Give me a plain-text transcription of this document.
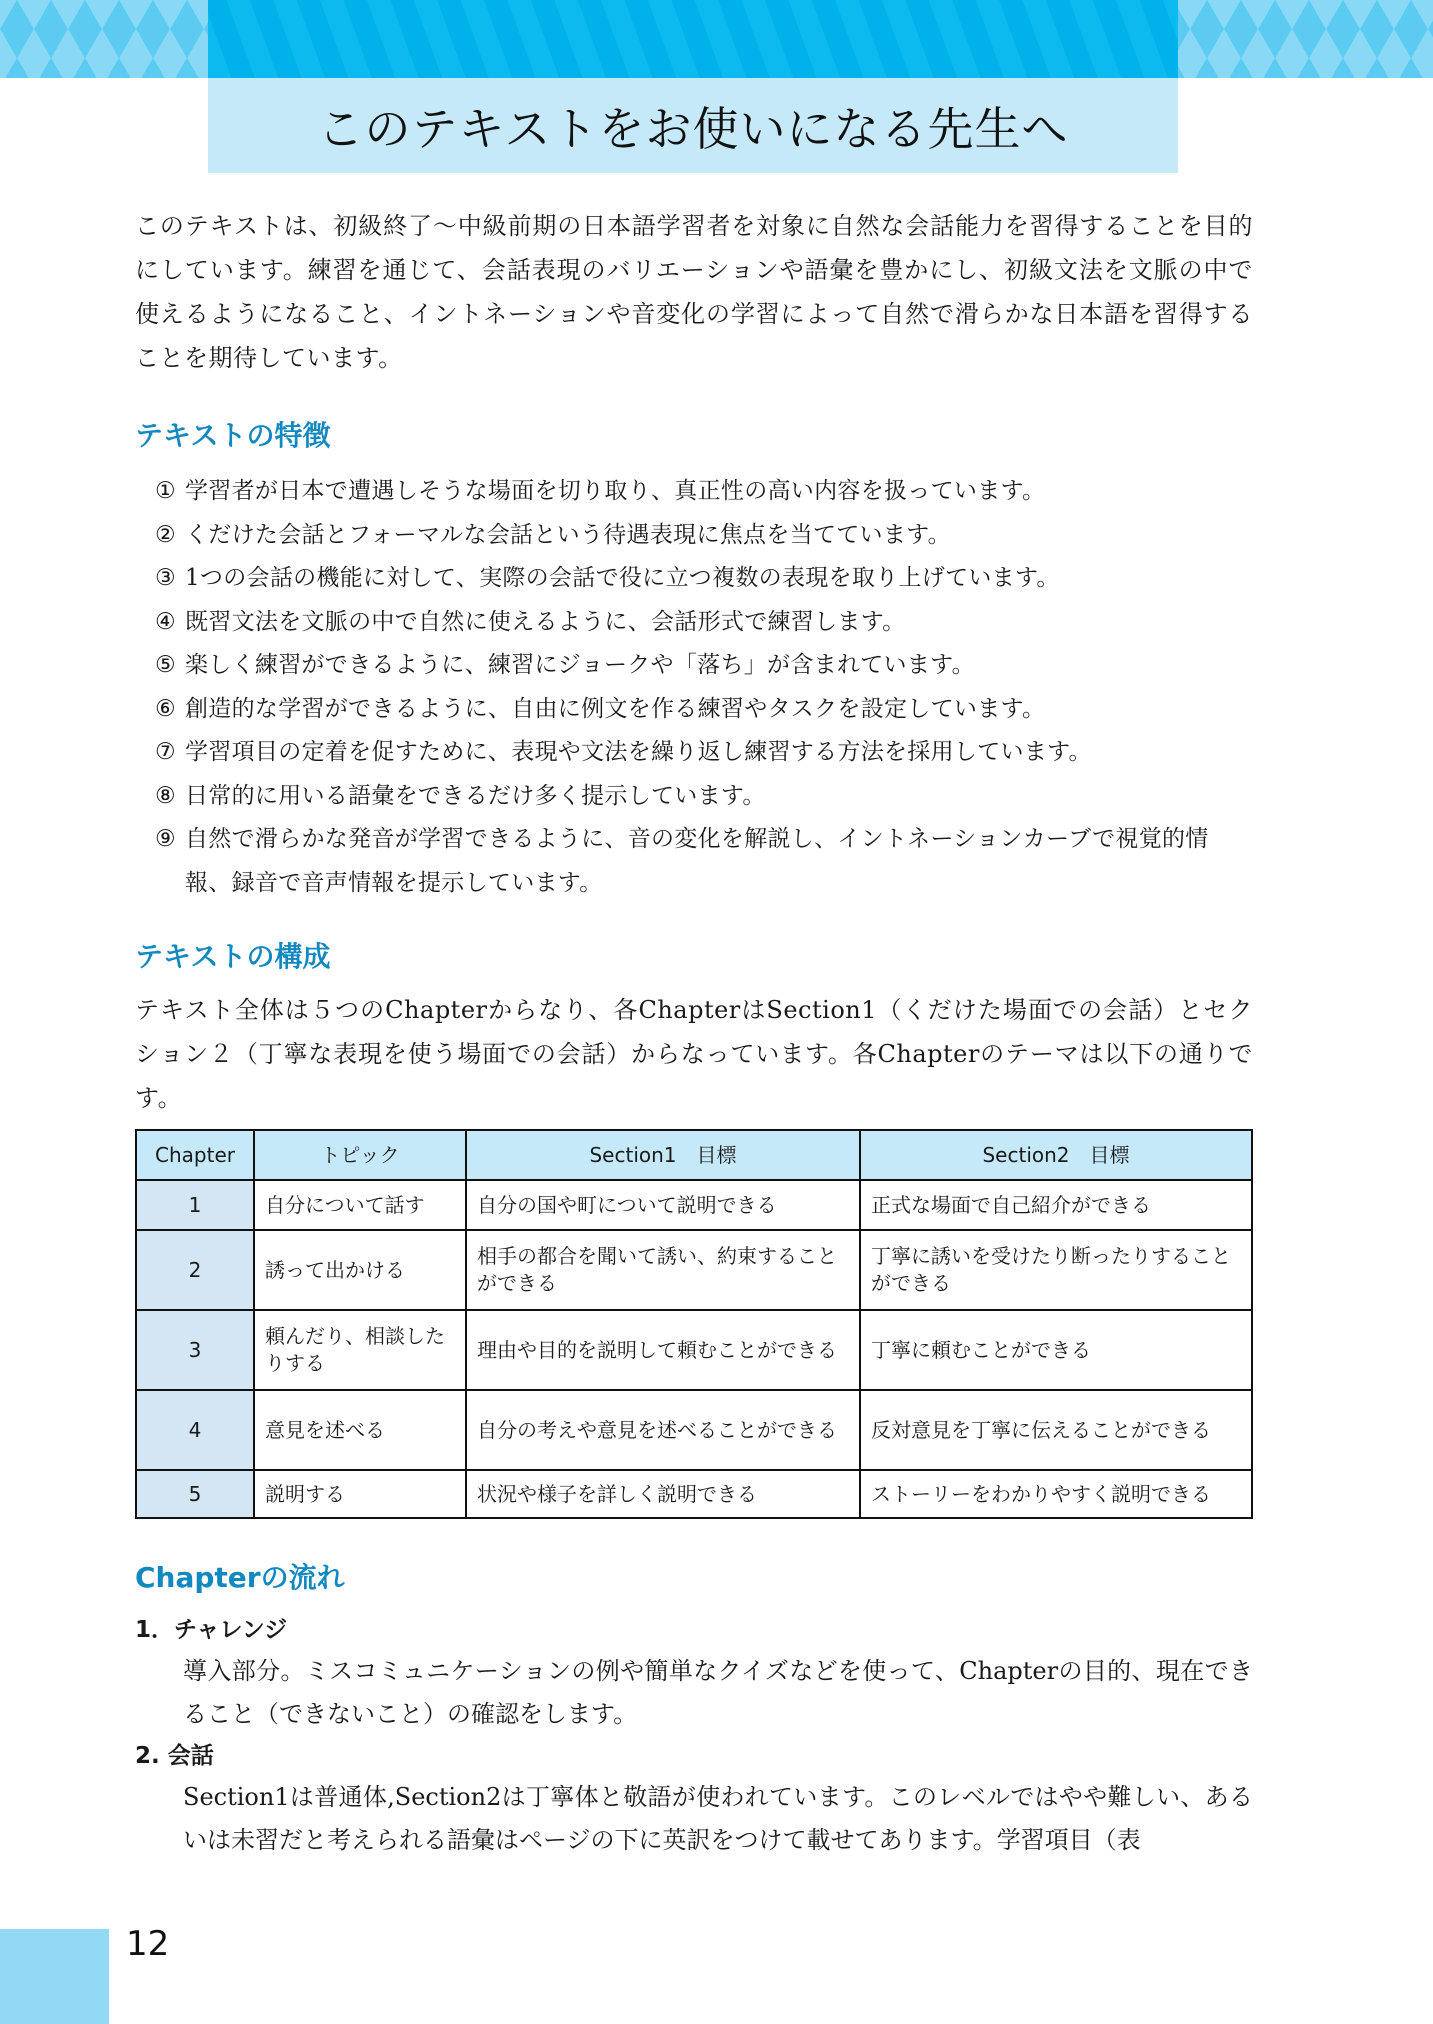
このテキストをお使いになる先生へ

このテキストは、初級終了〜中級前期の日本語学習者を対象に自然な会話能力を習得することを目的にしています。練習を通じて、会話表現のバリエーションや語彙を豊かにし、初級文法を文脈の中で使えるようになること、イントネーションや音変化の学習によって自然で滑らかな日本語を習得することを期待しています。

テキストの特徴
① 学習者が日本で遭遇しそうな場面を切り取り、真正性の高い内容を扱っています。
② くだけた会話とフォーマルな会話という待遇表現に焦点を当てています。
③ 1つの会話の機能に対して、実際の会話で役に立つ複数の表現を取り上げています。
④ 既習文法を文脈の中で自然に使えるように、会話形式で練習します。
⑤ 楽しく練習ができるように、練習にジョークや「落ち」が含まれています。
⑥ 創造的な学習ができるように、自由に例文を作る練習やタスクを設定しています。
⑦ 学習項目の定着を促すために、表現や文法を繰り返し練習する方法を採用しています。
⑧ 日常的に用いる語彙をできるだけ多く提示しています。
⑨ 自然で滑らかな発音が学習できるように、音の変化を解説し、イントネーションカーブで視覚的情報、録音で音声情報を提示しています。
テキストの構成

テキスト全体は５つのChapterからなり、各ChapterはSection1（くだけた場面での会話）とセクション２（丁寧な表現を使う場面での会話）からなっています。各Chapterのテーマは以下の通りです。

Chapter	トピック	Section1　目標	Section2　目標
1	自分について話す	自分の国や町について説明できる	正式な場面で自己紹介ができる
2	誘って出かける	相手の都合を聞いて誘い、約束することができる	丁寧に誘いを受けたり断ったりすることができる
3	頼んだり、相談したりする	理由や目的を説明して頼むことができる	丁寧に頼むことができる
4	意見を述べる	自分の考えや意見を述べることができる	反対意見を丁寧に伝えることができる
5	説明する	状況や様子を詳しく説明できる	ストーリーをわかりやすく説明できる
Chapterの流れ
1．チャレンジ

導入部分。ミスコミュニケーションの例や簡単なクイズなどを使って、Chapterの目的、現在できること（できないこと）の確認をします。

2. 会話

Section1は普通体,Section2は丁寧体と敬語が使われています。このレベルではやや難しい、あるいは未習だと考えられる語彙はページの下に英訳をつけて載せてあります。学習項目（表

12
